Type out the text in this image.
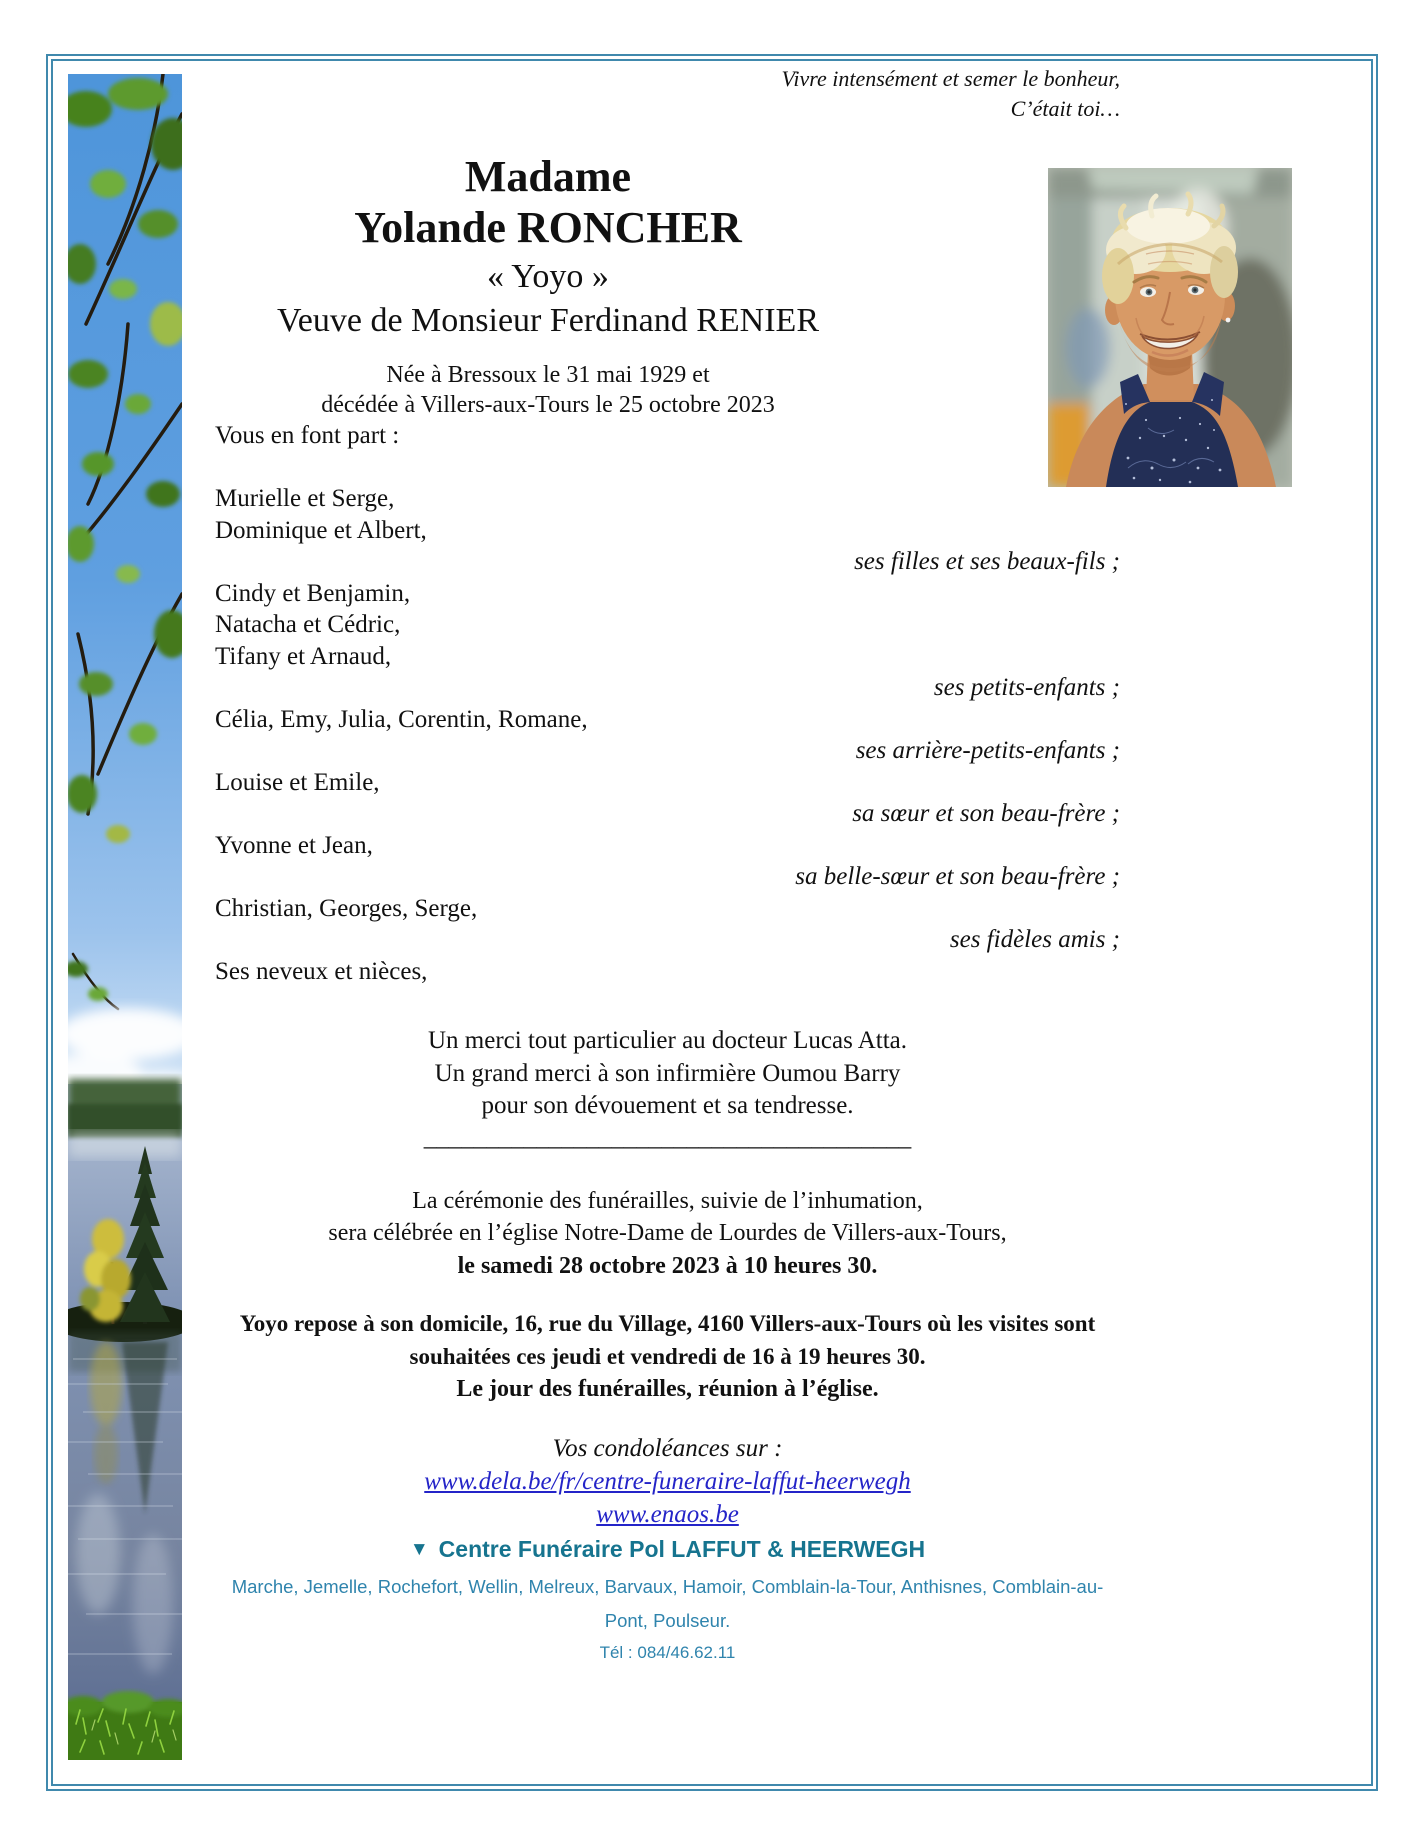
Vivre intensément et semer le bonheur,

C’était toi…

Madame

Yolande RONCHER

« Yoyo »

Veuve de Monsieur Ferdinand RENIER

Née à Bressoux le 31 mai 1929 et

décédée à Villers-aux-Tours le 25 octobre 2023

Vous en font part :

Murielle et Serge,

Dominique et Albert,

ses filles et ses beaux-fils ;

Cindy et Benjamin,

Natacha et Cédric,

Tifany et Arnaud,

ses petits-enfants ;

Célia, Emy, Julia, Corentin, Romane,

ses arrière-petits-enfants ;

Louise et Emile,

sa sœur et son beau-frère ;

Yvonne et Jean,

sa belle-sœur et son beau-frère ;

Christian, Georges, Serge,

ses fidèles amis ;

Ses neveux et nièces,

Un merci tout particulier au docteur Lucas Atta.

Un grand merci à son infirmière Oumou Barry

pour son dévouement et sa tendresse.

_______________________________________

La cérémonie des funérailles, suivie de l’inhumation,

sera célébrée en l’église Notre-Dame de Lourdes de Villers-aux-Tours,

le samedi 28 octobre 2023 à 10 heures 30.

Yoyo repose à son domicile, 16, rue du Village, 4160 Villers-aux-Tours où les visites sont

souhaitées ces jeudi et vendredi de 16 à 19 heures 30.

Le jour des funérailles, réunion à l’église.

Vos condoléances sur :

www.dela.be/fr/centre-funeraire-laffut-heerwegh

www.enaos.be

▼ Centre Funéraire Pol LAFFUT & HEERWEGH

Marche, Jemelle, Rochefort, Wellin, Melreux, Barvaux, Hamoir, Comblain-la-Tour, Anthisnes, Comblain-au-Pont, Poulseur.

Tél : 084/46.62.11
